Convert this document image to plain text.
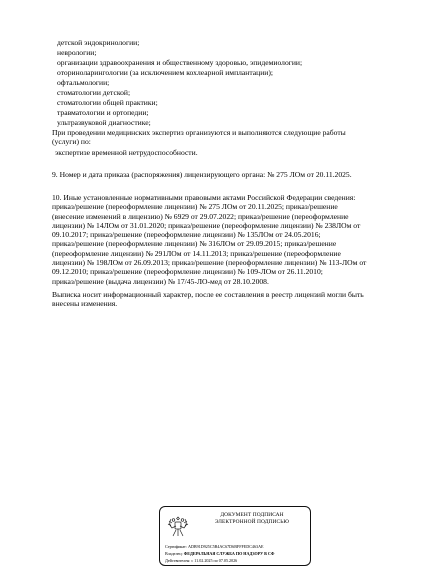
детской эндокринологии;
неврологии;
организации здравоохранения и общественному здоровью, эпидемиологии;
оториноларингологии (за исключением кохлеарной имплантации);
офтальмологии;
стоматологии детской;
стоматологии общей практики;
травматологии и ортопедии;
ультразвуковой диагностике;
При проведении медицинских экспертиз организуются и выполняются следующие работы
(услуги) по:
экспертизе временной нетрудоспособности.
9. Номер и дата приказа (распоряжения) лицензирующего органа: № 275 ЛОм от 20.11.2025.
10. Иные установленные нормативными правовыми актами Российской Федерации сведения:
приказ/решение (переоформление лицензии) № 275 ЛОм от 20.11.2025; приказ/решение
(внесение изменений в лицензию) № 6929 от 29.07.2022; приказ/решение (переоформление
лицензии) № 14ЛОм от 31.01.2020; приказ/решение (переоформление лицензии) № 238ЛОм от
09.10.2017; приказ/решение (переоформление лицензии) № 135ЛОм от 24.05.2016;
приказ/решение (переоформление лицензии) № 316ЛОм от 29.09.2015; приказ/решение
(переоформление лицензии) № 291ЛОм от 14.11.2013; приказ/решение (переоформление
лицензии) № 198ЛОм от 26.09.2013; приказ/решение (переоформление лицензии) № 113-ЛОм от
09.12.2010; приказ/решение (переоформление лицензии) № 109-ЛОм от 26.11.2010;
приказ/решение (выдача лицензии) № 17/45-ЛО-мед от 28.10.2008.
Выписка носит информационный характер, после ее составления в реестр лицензий могли быть
внесены изменения.
ДОКУМЕНТ ПОДПИСАН
ЭЛЕКТРОННОЙ ПОДПИСЬЮ
Сертификат: ADB91D925C5B4AC67D6BFFFEDC463AE
Владелец: ФЕДЕРАЛЬНАЯ СЛУЖБА ПО НАДЗОРУ В СФ
Действителен: с 11.02.2025 по 07.05.2026
